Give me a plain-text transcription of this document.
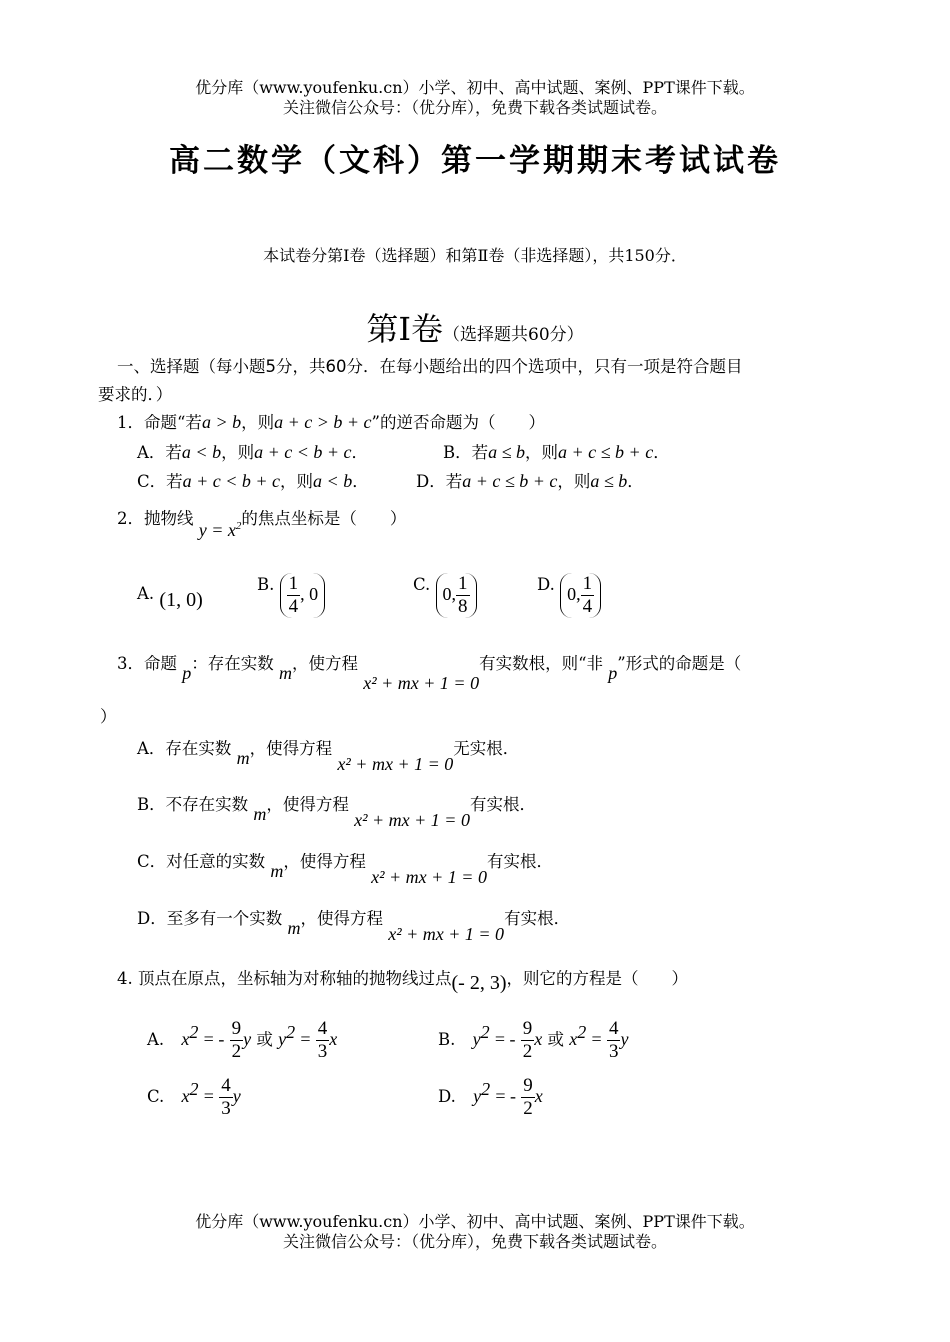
优分库（www.youfenku.cn）小学、初中、高中试题、案例、PPT课件下载。
关注微信公众号：（优分库），免费下载各类试题试卷。
高二数学（文科）第一学期期末考试试卷
本试卷分第Ⅰ卷（选择题）和第Ⅱ卷（非选择题），共150分．
第Ⅰ卷（选择题共60分）
一、选择题（每小题5分，共60分．在每小题给出的四个选项中，只有一项是符合题目
要求的．）
1．命题“若a > b，则a + c > b + c”的逆否命题为（　　）
A．若a < b，则a + c < b + c．	B．若a ≤ b，则a + c ≤ b + c．
C．若a + c < b + c，则a < b．	D．若a + c ≤ b + c，则a ≤ b．
2．抛物线 $y = x^2$的焦点坐标是（　　）
A. (1, 0)B. $\frac{1}{4}$ , 0	C. 0, $\frac{1}{8}$	D. 0, $\frac{1}{4}$
3．命题 p：存在实数 m，使方程 x² + mx + 1 = 0有实数根，则“非 p”形式的命题是（
）
A．存在实数 m，使得方程 x² + mx + 1 = 0无实根．
B．不存在实数 m，使得方程 x² + mx + 1 = 0有实根．
C．对任意的实数 m，使得方程 x² + mx + 1 = 0有实根．
D．至多有一个实数 m，使得方程 x² + mx + 1 = 0有实根．
4. 顶点在原点，坐标轴为对称轴的抛物线过点(- 2, 3)，则它的方程是（　　）
A. $x^2$ = - $\frac{9}{2}$ y 或 $y^2 = \frac{4}{3}$ x	B. $y^2$ = - $\frac{9}{2}$ x 或 $x^2 = \frac{4}{3}$ y
C. $x^2 = \frac{4}{3}$ y	D. $y^2$ = - $\frac{9}{2}$ x
优分库（www.youfenku.cn）小学、初中、高中试题、案例、PPT课件下载。
关注微信公众号：（优分库），免费下载各类试题试卷。
